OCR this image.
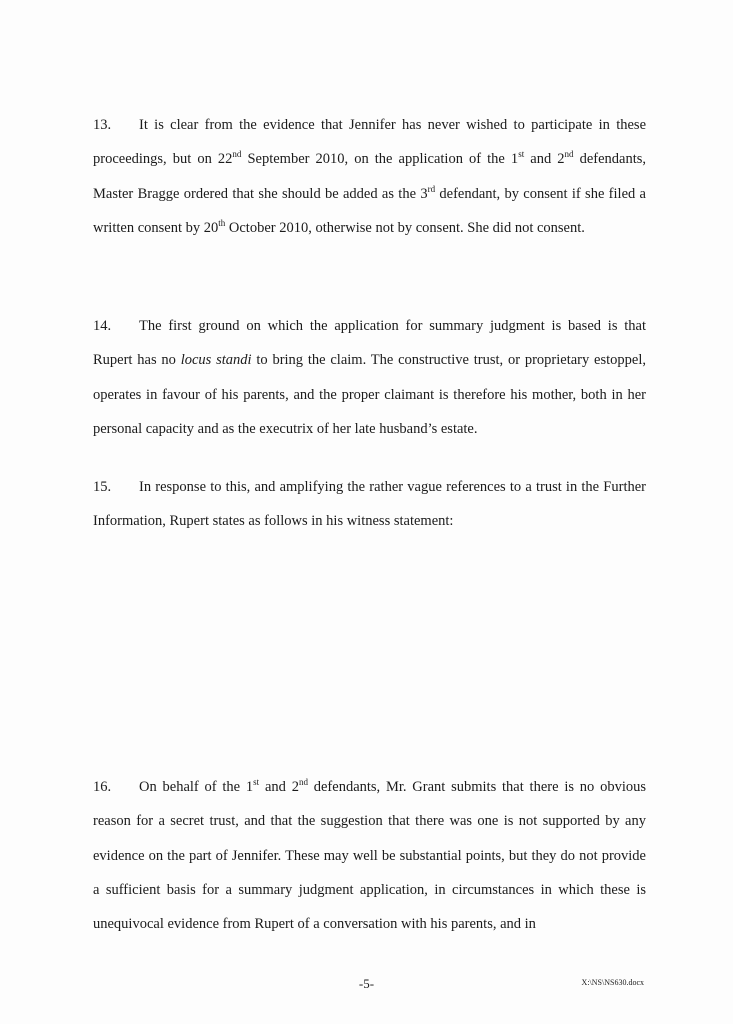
13. It is clear from the evidence that Jennifer has never wished to participate in these proceedings, but on 22nd September 2010, on the application of the 1st and 2nd defendants, Master Bragge ordered that she should be added as the 3rd defendant, by consent if she filed a written consent by 20th October 2010, otherwise not by consent. She did not consent.

14. The first ground on which the application for summary judgment is based is that Rupert has no locus standi to bring the claim. The constructive trust, or proprietary estoppel, operates in favour of his parents, and the proper claimant is therefore his mother, both in her personal capacity and as the executrix of her late husband’s estate.

15. In response to this, and amplifying the rather vague references to a trust in the Further Information, Rupert states as follows in his witness statement:

16. On behalf of the 1st and 2nd defendants, Mr. Grant submits that there is no obvious reason for a secret trust, and that the suggestion that there was one is not supported by any evidence on the part of Jennifer. These may well be substantial points, but they do not provide a sufficient basis for a summary judgment application, in circumstances in which these is unequivocal evidence from Rupert of a conversation with his parents, and in

-5-	X:\NS\NS630.docx
